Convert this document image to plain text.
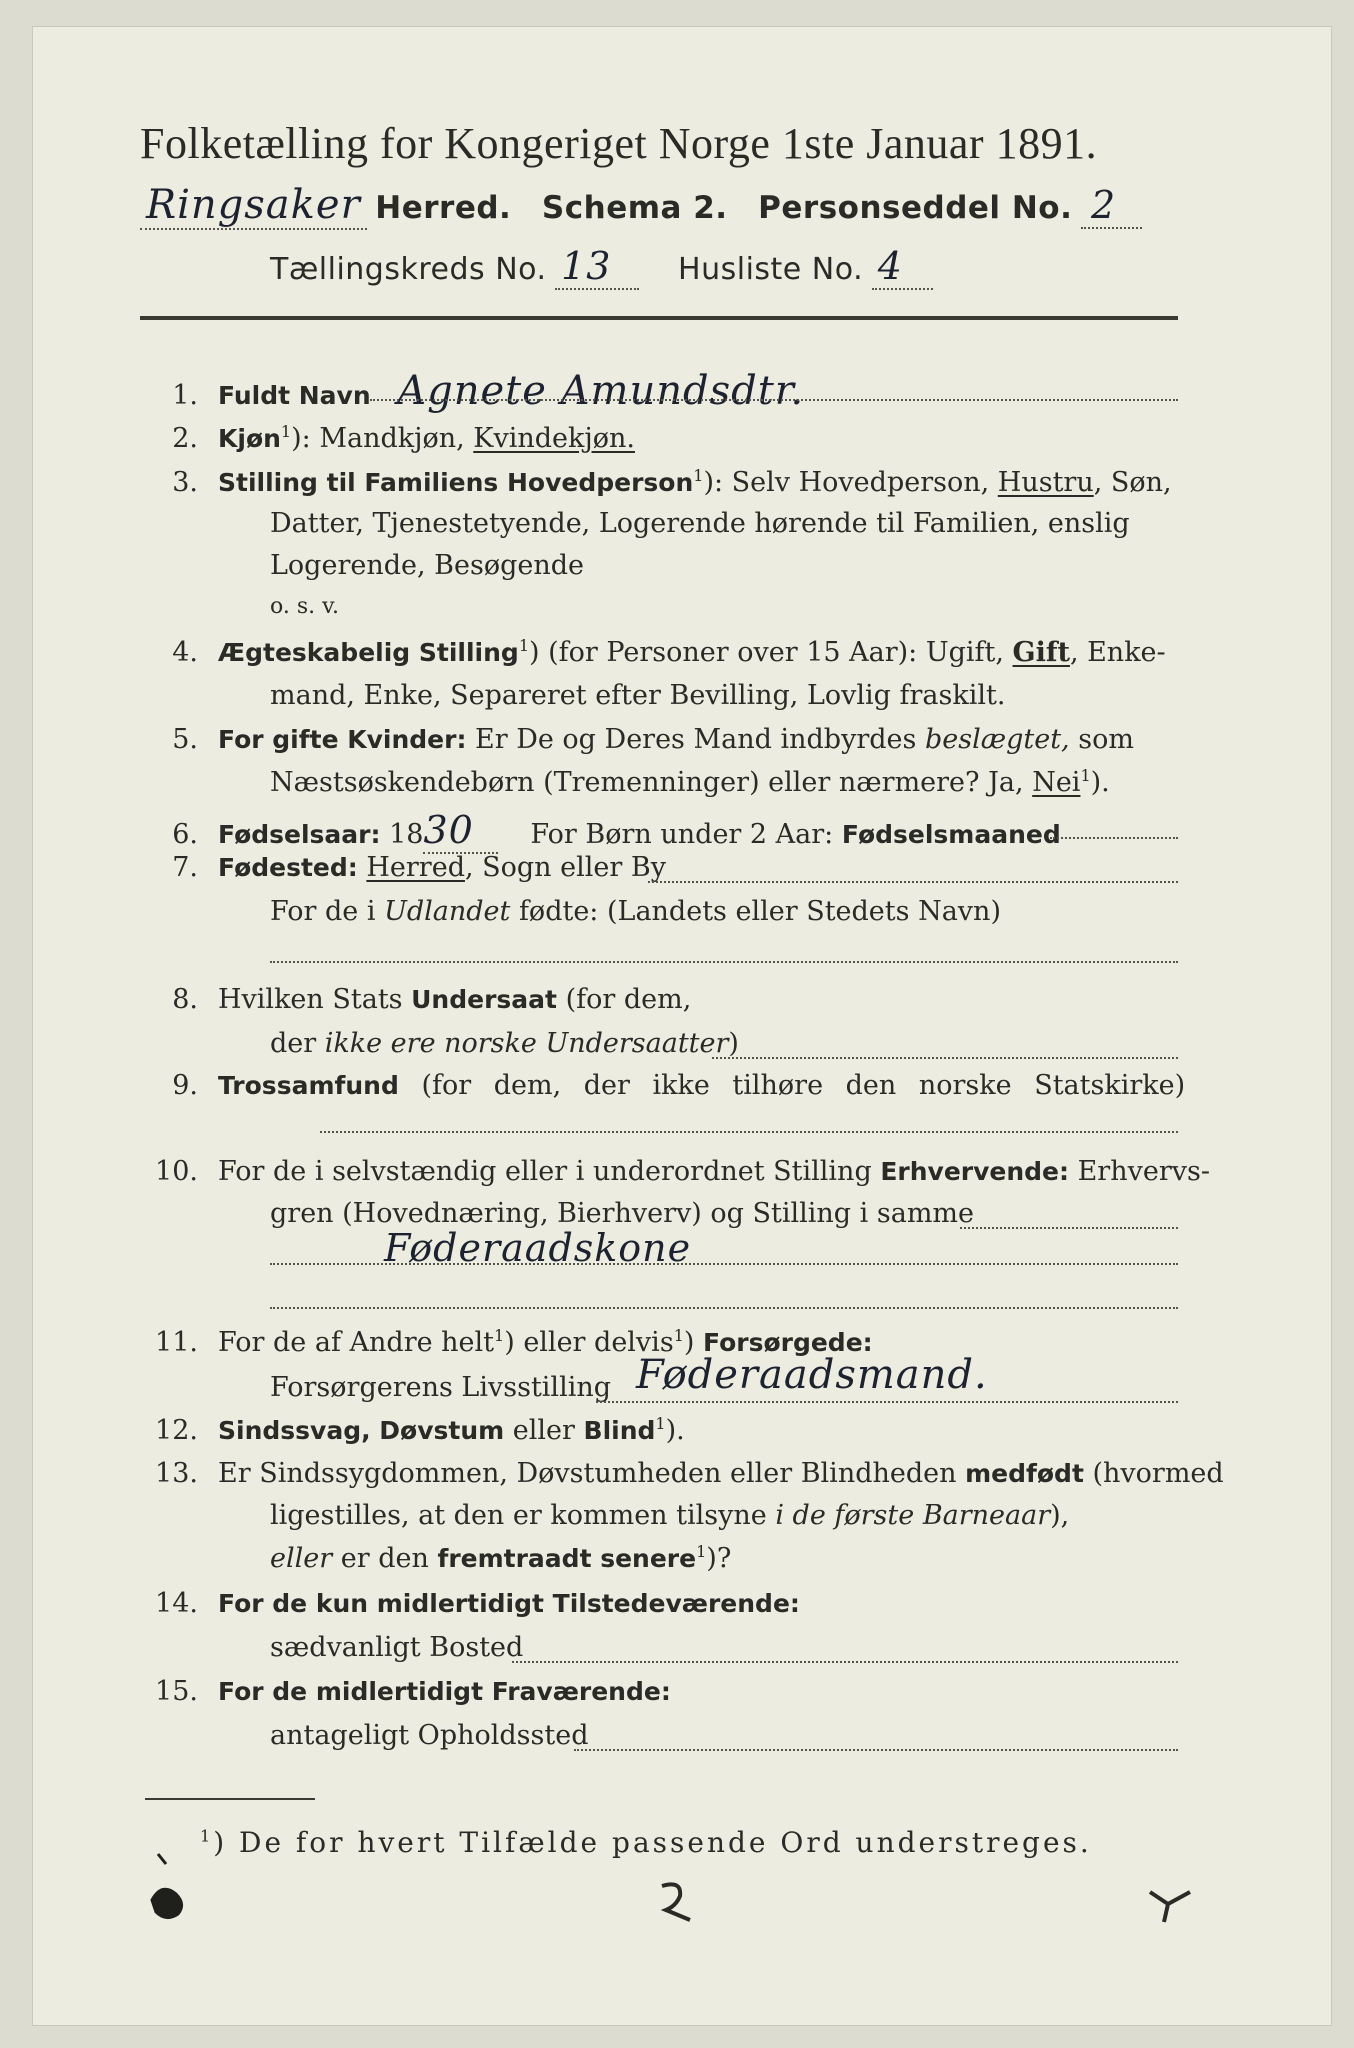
Folketælling for Kongeriget Norge 1ste Januar 1891.
Ringsaker Herred. Schema 2. Personseddel No. 2
Tællingskreds No. 13 Husliste No. 4
1. Fuldt Navn Agnete Amundsdtr.
2. Kjøn$^1$): Mandkjøn, Kvindekjøn.
3. Stilling til Familiens Hovedperson$^1$): Selv Hovedperson, Hustru, Søn,
Datter, Tjenestetyende, Logerende hørende til Familien, enslig
Logerende, Besøgende
o. s. v.
4. Ægteskabelig Stilling$^1$) (for Personer over 15 Aar): Ugift, Gift, Enke-
mand, Enke, Separeret efter Bevilling, Lovlig fraskilt.
5. For gifte Kvinder: Er De og Deres Mand indbyrdes beslægtet, som
Næstsøskendebørn (Tremenninger) eller nærmere? Ja, Nei$^1$).
6. Fødselsaar: 1830 For Børn under 2 Aar: Fødselsmaaned
7. Fødested: Herred, Sogn eller By
For de i Udlandet fødte: (Landets eller Stedets Navn)
8. Hvilken Stats Undersaat (for dem,
der ikke ere norske Undersaatter)
9. Trossamfund (for dem, der ikke tilhøre den norske Statskirke)
10. For de i selvstændig eller i underordnet Stilling Erhvervende: Erhvervs-
gren (Hovednæring, Bierhverv) og Stilling i samme
Føderaadskone
11. For de af Andre helt$^1$) eller delvis$^1$) Forsørgede:
Forsørgerens Livsstilling Føderaadsmand.
12. Sindssvag, Døvstum eller Blind$^1$).
13. Er Sindssygdommen, Døvstumheden eller Blindheden medfødt (hvormed
ligestilles, at den er kommen tilsyne i de første Barneaar),
eller er den fremtraadt senere$^1$)?
14. For de kun midlertidigt Tilstedeværende:
sædvanligt Bosted
15. For de midlertidigt Fraværende:
antageligt Opholdssted
$^1$) De for hvert Tilfælde passende Ord understreges.
